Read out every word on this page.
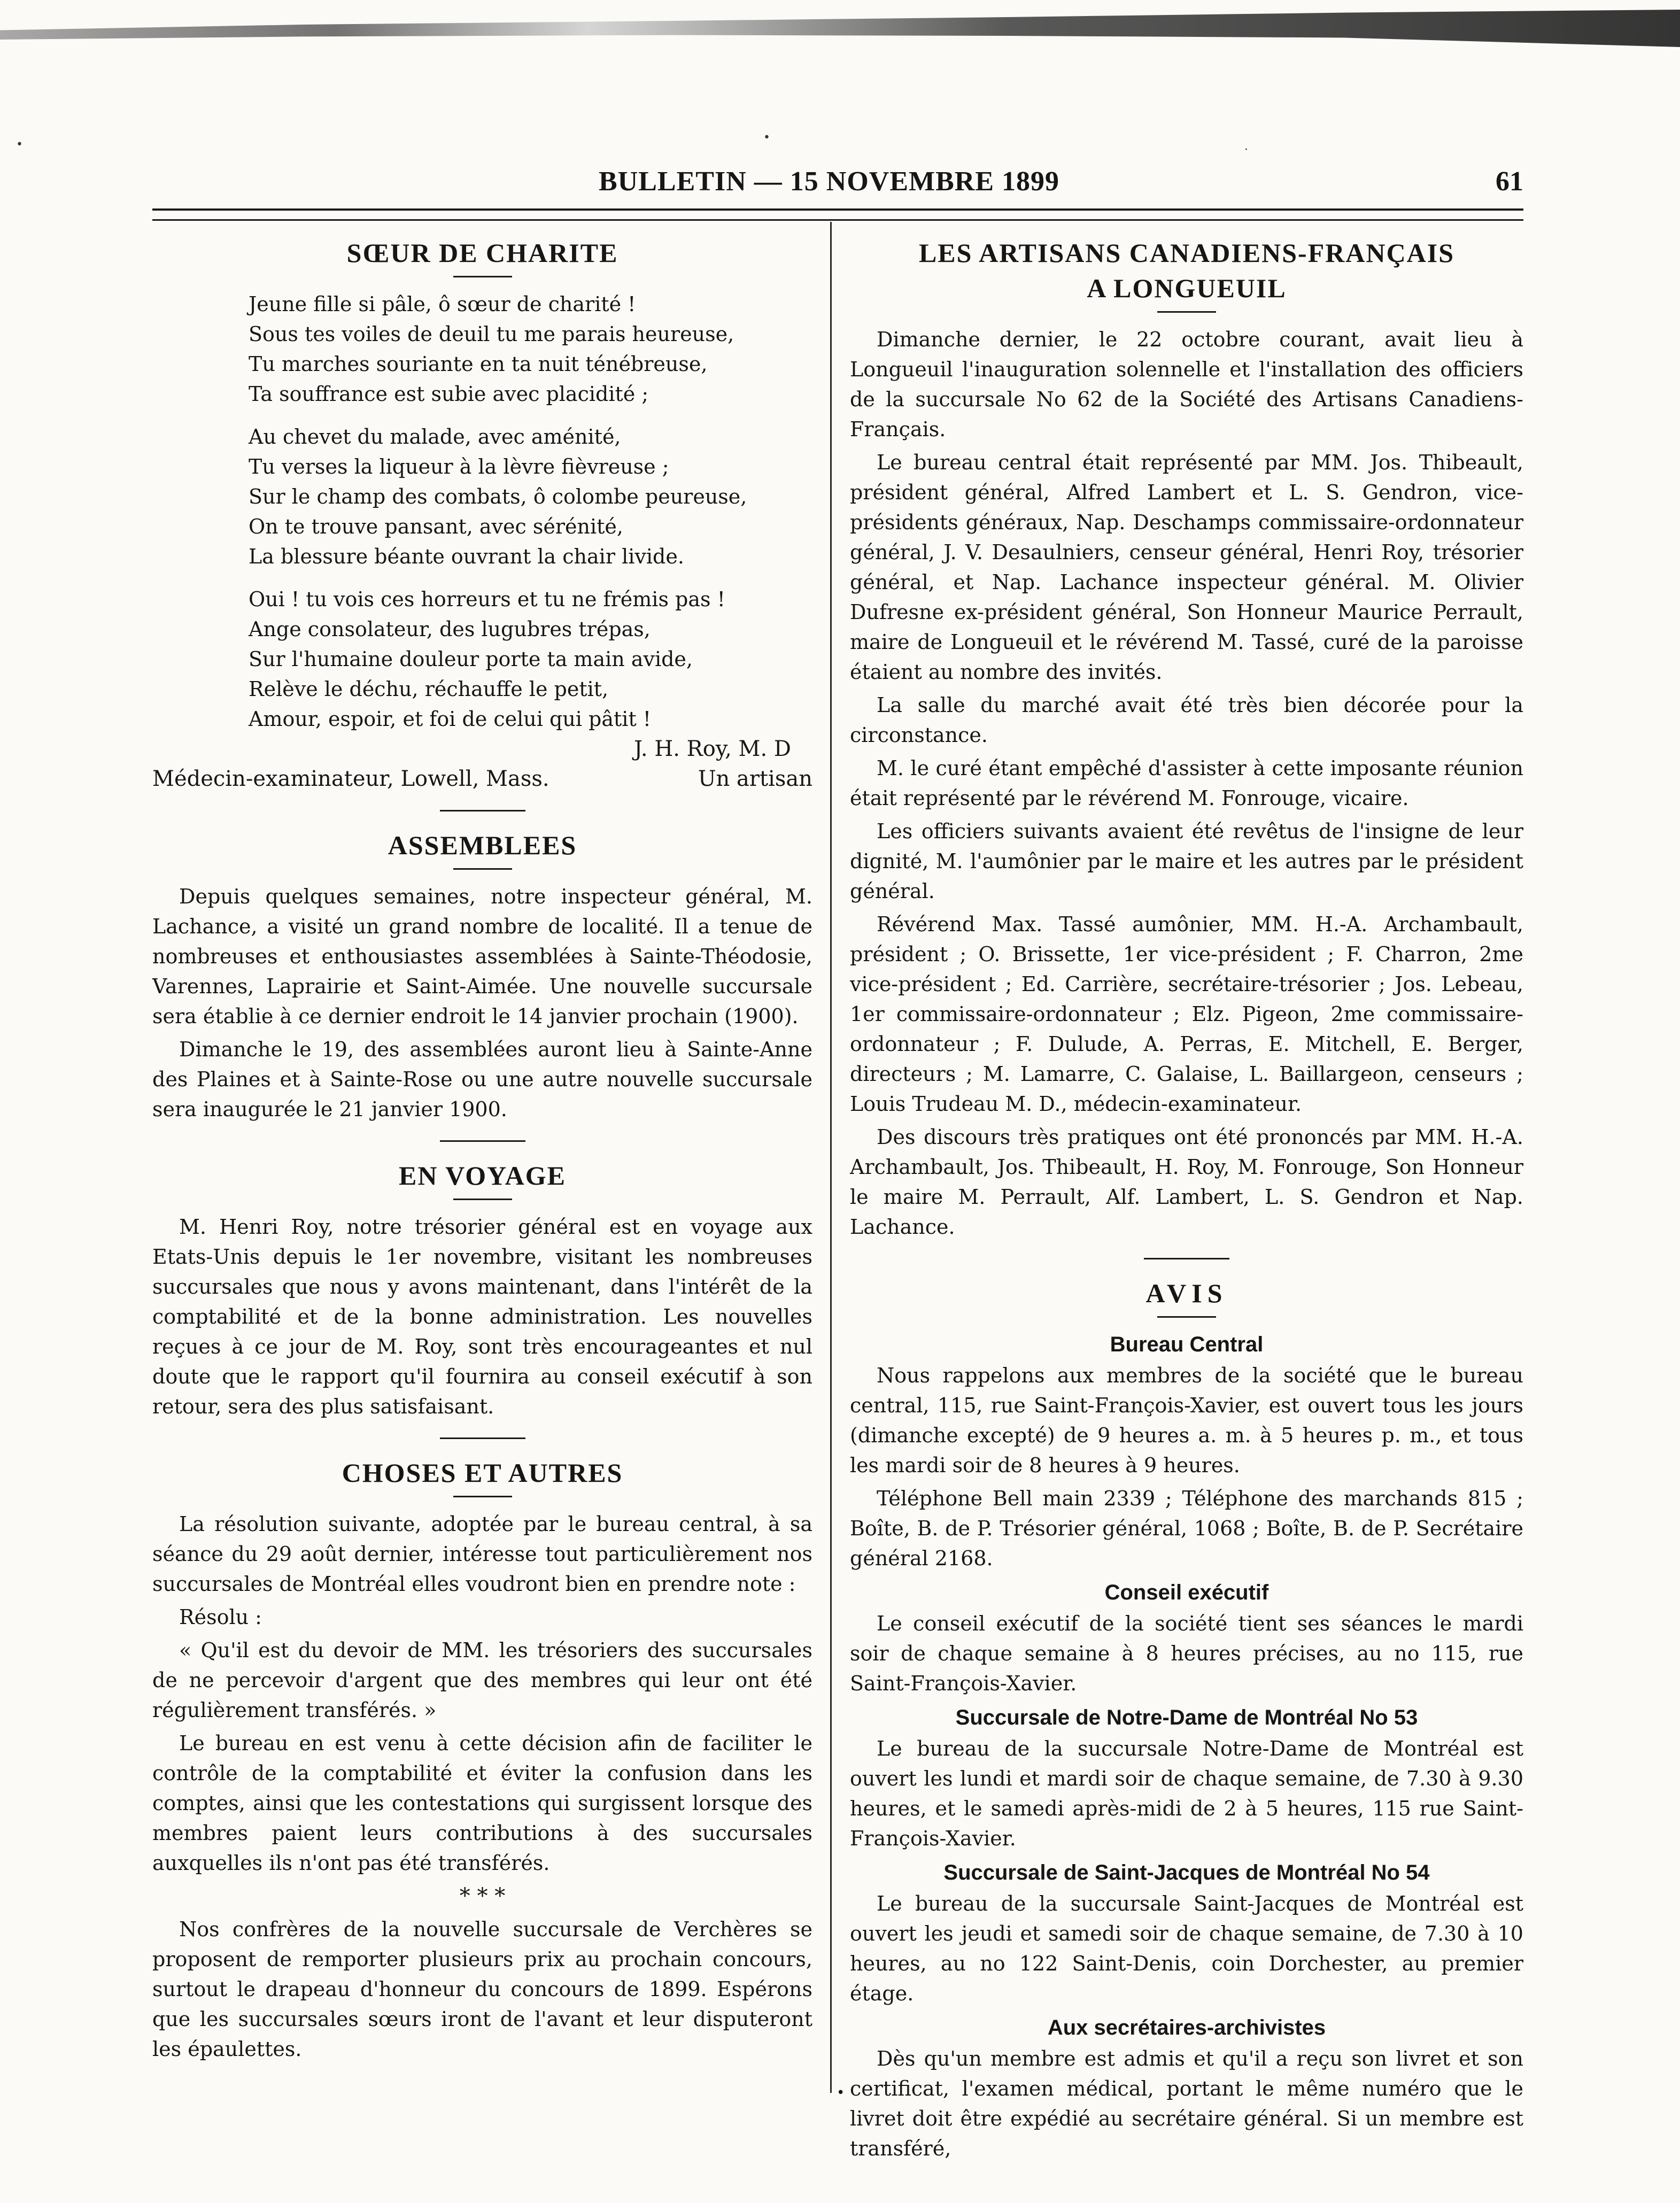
•
•
·
BULLETIN — 15 NOVEMBRE 1899	61
SŒUR DE CHARITE
Jeune fille si pâle, ô sœur de charité !
Sous tes voiles de deuil tu me parais heureuse,
Tu marches souriante en ta nuit ténébreuse,
Ta souffrance est subie avec placidité ;
Au chevet du malade, avec aménité,
Tu verses la liqueur à la lèvre fièvreuse ;
Sur le champ des combats, ô colombe peureuse,
On te trouve pansant, avec sérénité,
La blessure béante ouvrant la chair livide.
Oui ! tu vois ces horreurs et tu ne frémis pas !
Ange consolateur, des lugubres trépas,
Sur l'humaine douleur porte ta main avide,
Relève le déchu, réchauffe le petit,
Amour, espoir, et foi de celui qui pâtit !
J. H. Roy, M. D
Médecin-examinateur, Lowell, Mass.	Un artisan
ASSEMBLEES

Depuis quelques semaines, notre inspecteur général, M. Lachance, a visité un grand nombre de localité. Il a tenue de nombreuses et enthousiastes assemblées à Sainte-Théodosie, Varennes, Laprairie et Saint-Aimée. Une nouvelle succursale sera établie à ce dernier endroit le 14 janvier prochain (1900).

Dimanche le 19, des assemblées auront lieu à Sainte-Anne des Plaines et à Sainte-Rose ou une autre nouvelle succursale sera inaugurée le 21 janvier 1900.

EN VOYAGE

M. Henri Roy, notre trésorier général est en voyage aux Etats-Unis depuis le 1er novembre, visitant les nombreuses succursales que nous y avons maintenant, dans l'intérêt de la comptabilité et de la bonne administration. Les nouvelles reçues à ce jour de M. Roy, sont très encourageantes et nul doute que le rapport qu'il fournira au conseil exécutif à son retour, sera des plus satisfaisant.

CHOSES ET AUTRES

La résolution suivante, adoptée par le bureau central, à sa séance du 29 août dernier, intéresse tout particulièrement nos succursales de Montréal elles voudront bien en prendre note :

Résolu :

« Qu'il est du devoir de MM. les trésoriers des succursales de ne percevoir d'argent que des membres qui leur ont été régulièrement transférés. »

Le bureau en est venu à cette décision afin de faciliter le contrôle de la comptabilité et éviter la confusion dans les comptes, ainsi que les contestations qui surgissent lorsque des membres paient leurs contributions à des succursales auxquelles ils n'ont pas été transférés.

* * *

Nos confrères de la nouvelle succursale de Verchères se proposent de remporter plusieurs prix au prochain concours, surtout le drapeau d'honneur du concours de 1899. Espérons que les succursales sœurs iront de l'avant et leur disputeront les épaulettes.

LES ARTISANS CANADIENS-FRANÇAIS
A LONGUEUIL

Dimanche dernier, le 22 octobre courant, avait lieu à Longueuil l'inauguration solennelle et l'installation des officiers de la succursale No 62 de la Société des Artisans Canadiens-Français.

Le bureau central était représenté par MM. Jos. Thibeault, président général, Alfred Lambert et L. S. Gendron, vice-présidents généraux, Nap. Deschamps commissaire-ordonnateur général, J. V. Desaulniers, censeur général, Henri Roy, trésorier général, et Nap. Lachance inspecteur général. M. Olivier Dufresne ex-président général, Son Honneur Maurice Perrault, maire de Longueuil et le révérend M. Tassé, curé de la paroisse étaient au nombre des invités.

La salle du marché avait été très bien décorée pour la circonstance.

M. le curé étant empêché d'assister à cette imposante réunion était représenté par le révérend M. Fonrouge, vicaire.

Les officiers suivants avaient été revêtus de l'insigne de leur dignité, M. l'aumônier par le maire et les autres par le président général.

Révérend Max. Tassé aumônier, MM. H.-A. Archambault, président ; O. Brissette, 1er vice-président ; F. Charron, 2me vice-président ; Ed. Carrière, secrétaire-trésorier ; Jos. Lebeau, 1er commissaire-ordonnateur ; Elz. Pigeon, 2me commissaire-ordonnateur ; F. Dulude, A. Perras, E. Mitchell, E. Berger, directeurs ; M. Lamarre, C. Galaise, L. Baillargeon, censeurs ; Louis Trudeau M. D., médecin-examinateur.

Des discours très pratiques ont été prononcés par MM. H.-A. Archambault, Jos. Thibeault, H. Roy, M. Fonrouge, Son Honneur le maire M. Perrault, Alf. Lambert, L. S. Gendron et Nap. Lachance.

AVIS
Bureau Central

Nous rappelons aux membres de la société que le bureau central, 115, rue Saint-François-Xavier, est ouvert tous les jours (dimanche excepté) de 9 heures a. m. à 5 heures p. m., et tous les mardi soir de 8 heures à 9 heures.

Téléphone Bell main 2339 ; Téléphone des marchands 815 ; Boîte, B. de P. Trésorier général, 1068 ; Boîte, B. de P. Secrétaire général 2168.

Conseil exécutif

Le conseil exécutif de la société tient ses séances le mardi soir de chaque semaine à 8 heures précises, au no 115, rue Saint-François-Xavier.

Succursale de Notre-Dame de Montréal No 53

Le bureau de la succursale Notre-Dame de Montréal est ouvert les lundi et mardi soir de chaque semaine, de 7.30 à 9.30 heures, et le samedi après-midi de 2 à 5 heures, 115 rue Saint-François-Xavier.

Succursale de Saint-Jacques de Montréal No 54

Le bureau de la succursale Saint-Jacques de Montréal est ouvert les jeudi et samedi soir de chaque semaine, de 7.30 à 10 heures, au no 122 Saint-Denis, coin Dorchester, au premier étage.

Aux secrétaires-archivistes

Dès qu'un membre est admis et qu'il a reçu son livret et son certificat, l'examen médical, portant le même numéro que le livret doit être expédié au secrétaire général. Si un membre est transféré,

•
